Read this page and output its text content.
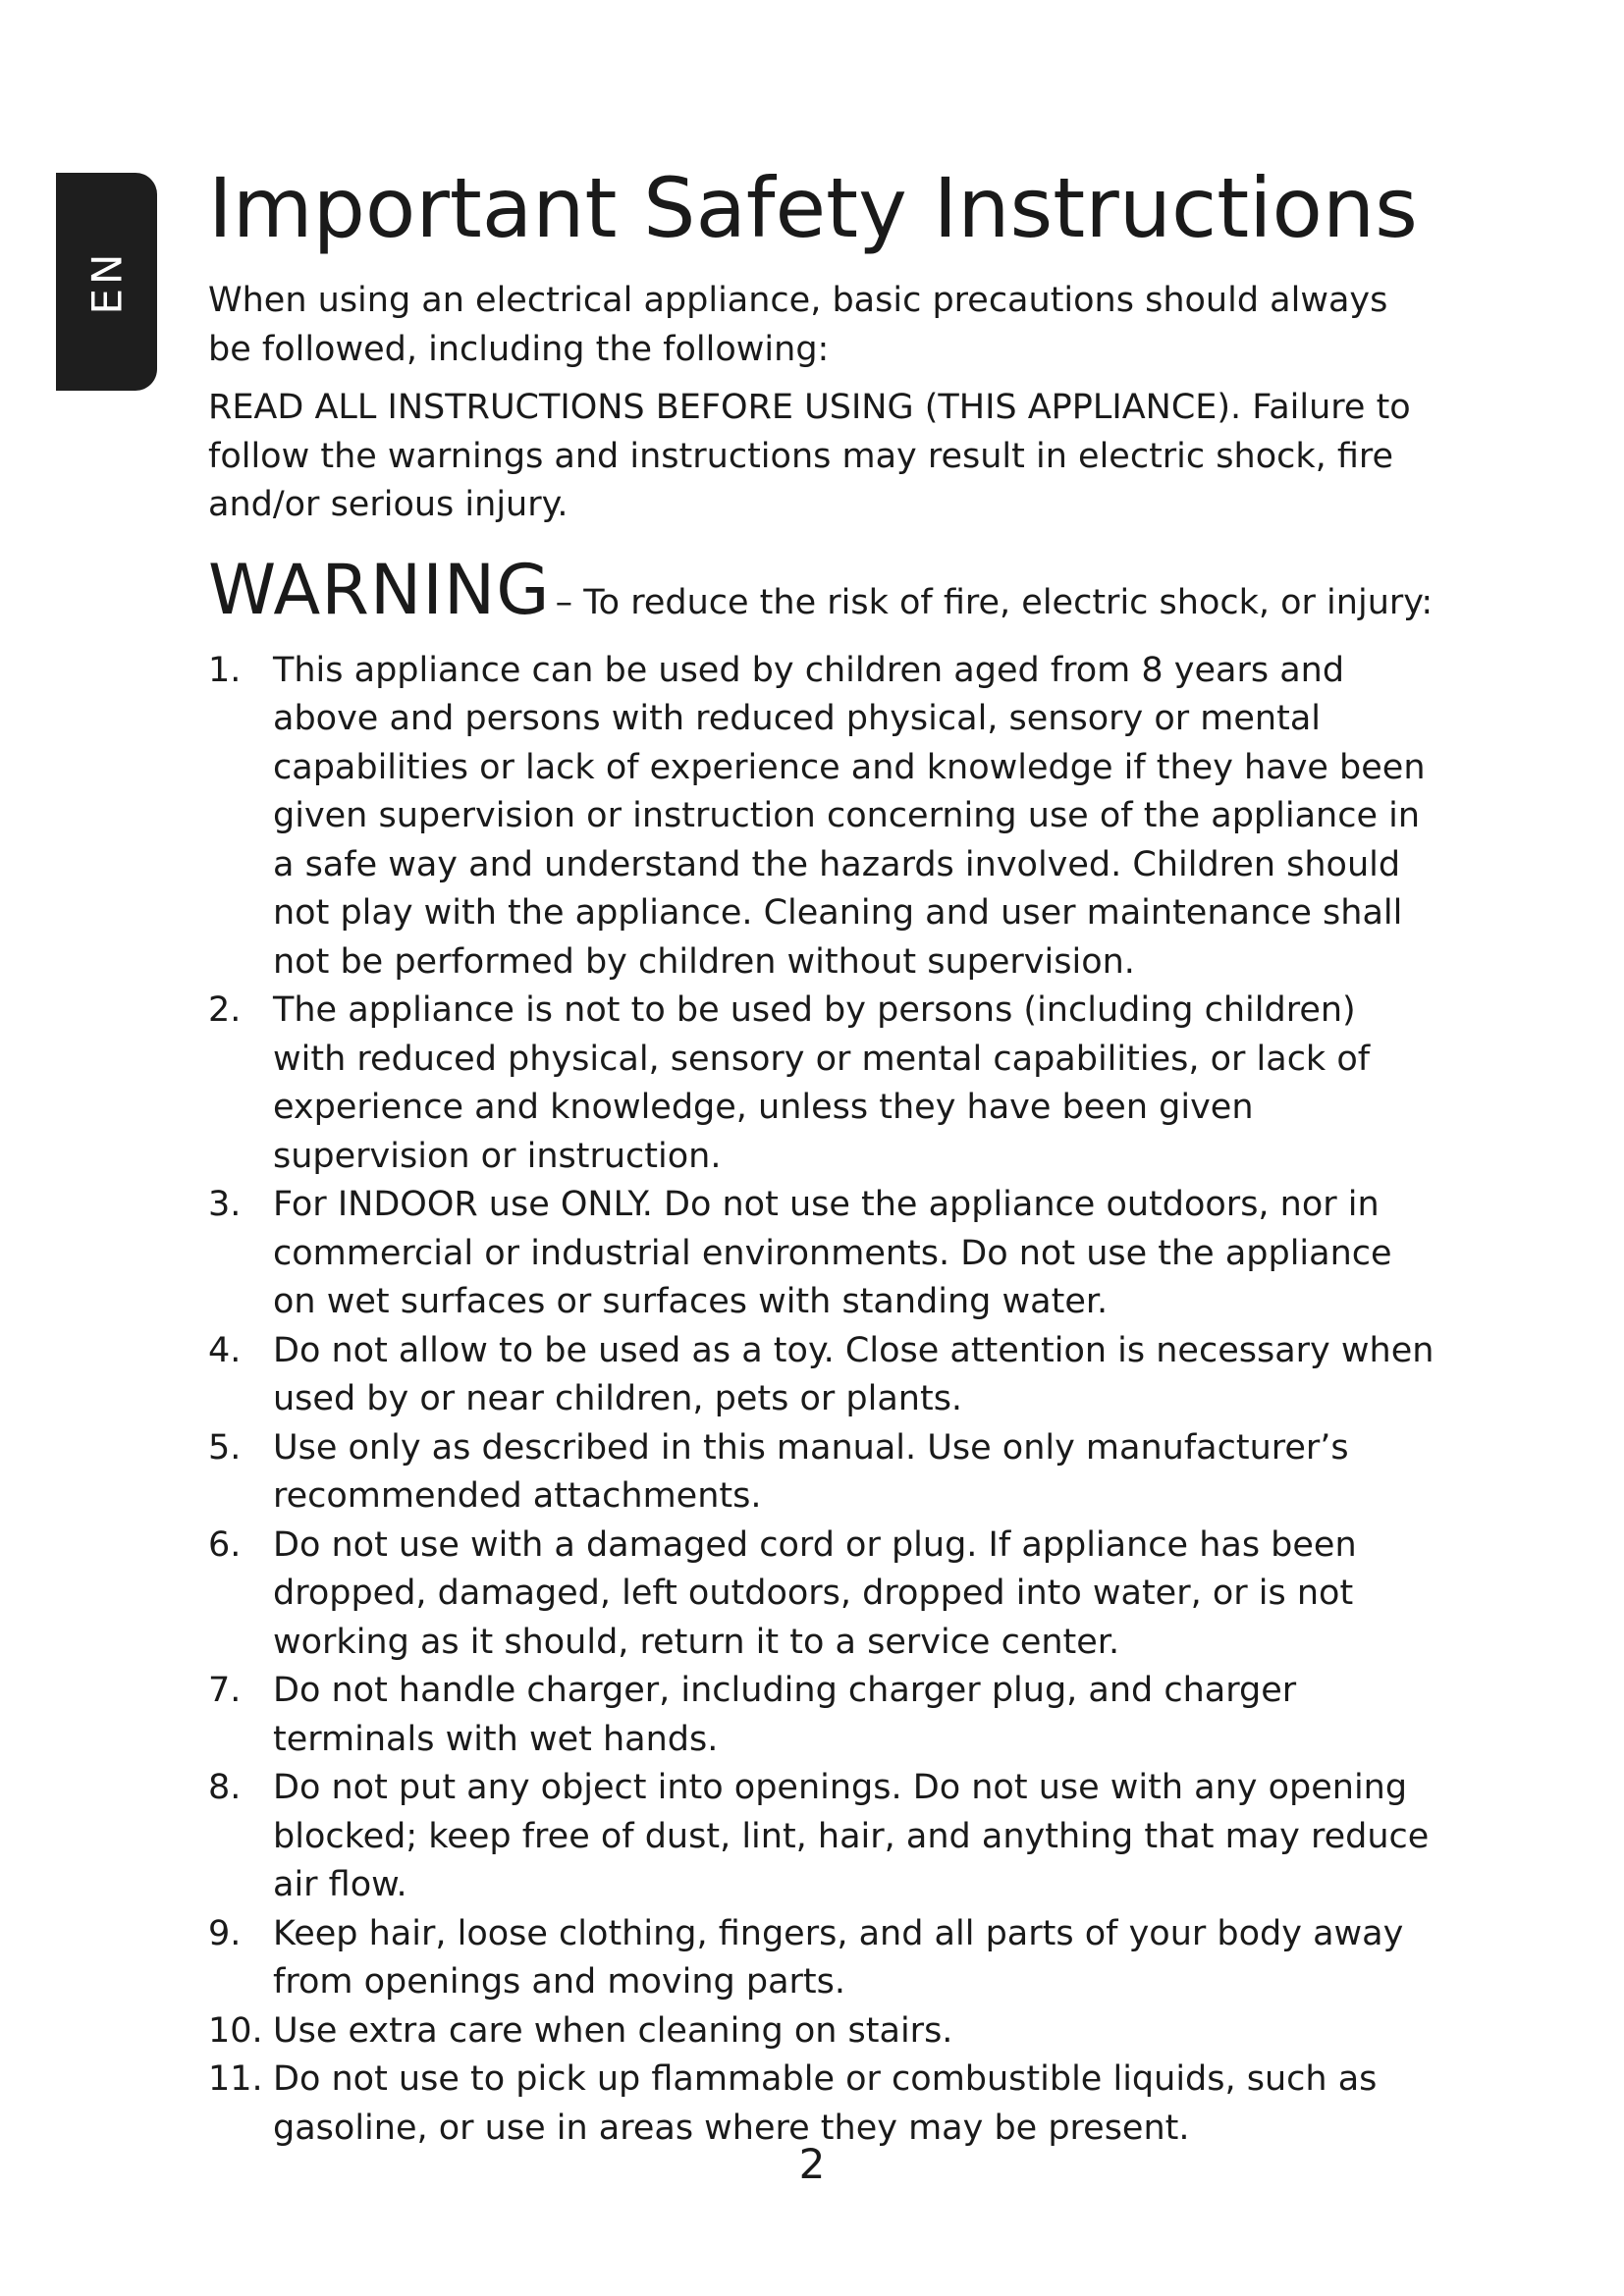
EN
Important Safety Instructions

When using an electrical appliance, basic precautions should always be followed, including the following:

READ ALL INSTRUCTIONS BEFORE USING (THIS APPLIANCE). Failure to follow the warnings and instructions may result in electric shock, fire and/or serious injury.

WARNING – To reduce the risk of fire, electric shock, or injury:
1. This appliance can be used by children aged from 8 years and above and persons with reduced physical, sensory or mental capabilities or lack of experience and knowledge if they have been given supervision or instruction concerning use of the appliance in a safe way and understand the hazards involved. Children should not play with the appliance. Cleaning and user maintenance shall not be performed by children without supervision.
2. The appliance is not to be used by persons (including children) with reduced physical, sensory or mental capabilities, or lack of experience and knowledge, unless they have been given supervision or instruction.
3. For INDOOR use ONLY. Do not use the appliance outdoors, nor in commercial or industrial environments. Do not use the appliance on wet surfaces or surfaces with standing water.
4. Do not allow to be used as a toy. Close attention is necessary when used by or near children, pets or plants.
5. Use only as described in this manual. Use only manufacturer’s recommended attachments.
6. Do not use with a damaged cord or plug. If appliance has been dropped, damaged, left outdoors, dropped into water, or is not working as it should, return it to a service center.
7. Do not handle charger, including charger plug, and charger terminals with wet hands.
8. Do not put any object into openings. Do not use with any opening blocked; keep free of dust, lint, hair, and anything that may reduce air flow.
9. Keep hair, loose clothing, fingers, and all parts of your body away from openings and moving parts.
10. Use extra care when cleaning on stairs.
11. Do not use to pick up flammable or combustible liquids, such as gasoline, or use in areas where they may be present.
2
